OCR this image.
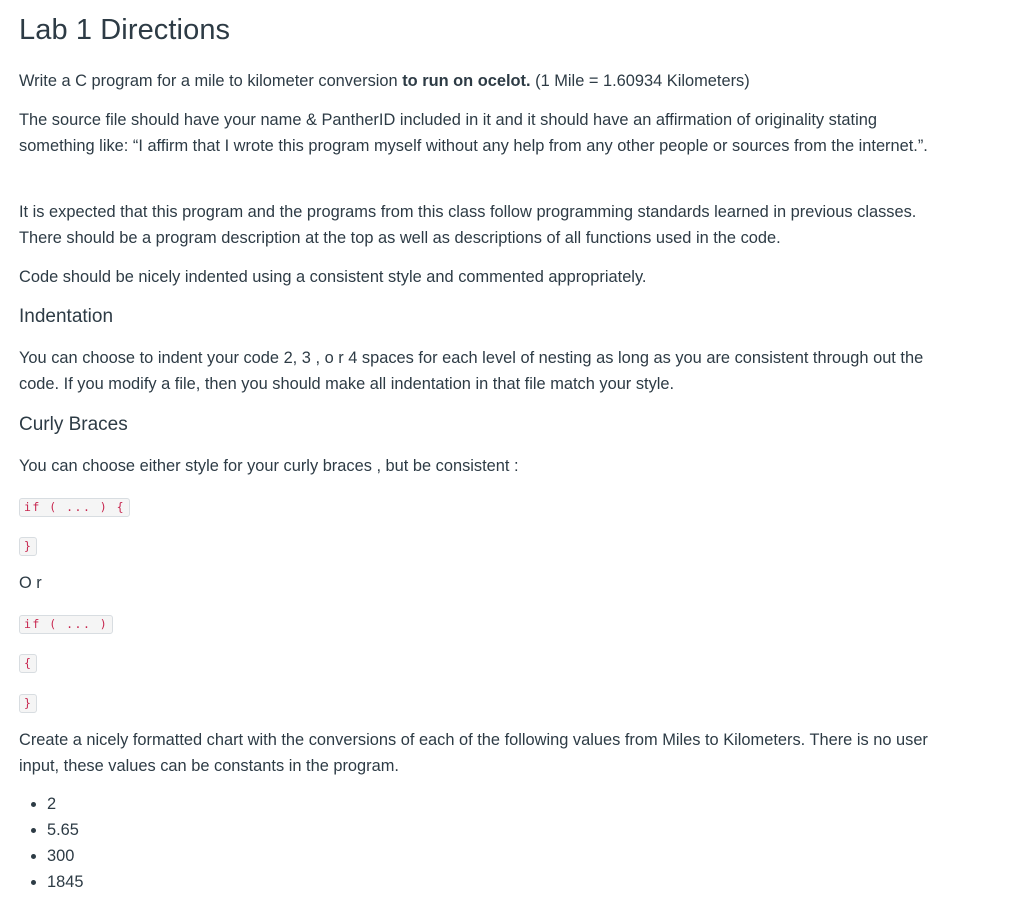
Lab 1 Directions

Write a C program for a mile to kilometer conversion to run on ocelot. (1 Mile = 1.60934 Kilometers)

The source file should have your name & PantherID included in it and it should have an affirmation of originality stating something like: “I affirm that I wrote this program myself without any help from any other people or sources from the internet.”.

It is expected that this program and the programs from this class follow programming standards learned in previous classes. There should be a program description at the top as well as descriptions of all functions used in the code.

Code should be nicely indented using a consistent style and commented appropriately.

Indentation

You can choose to indent your code 2, 3 , o r 4 spaces for each level of nesting as long as you are consistent through out the code. If you modify a file, then you should make all indentation in that file match your style.

Curly Braces

You can choose either style for your curly braces , but be consistent :

if ( ... ) {
}

O r

if ( ... )
{
}

Create a nicely formatted chart with the conversions of each of the following values from Miles to Kilometers. There is no user input, these values can be constants in the program.

• 2
• 5.65
• 300
• 1845
